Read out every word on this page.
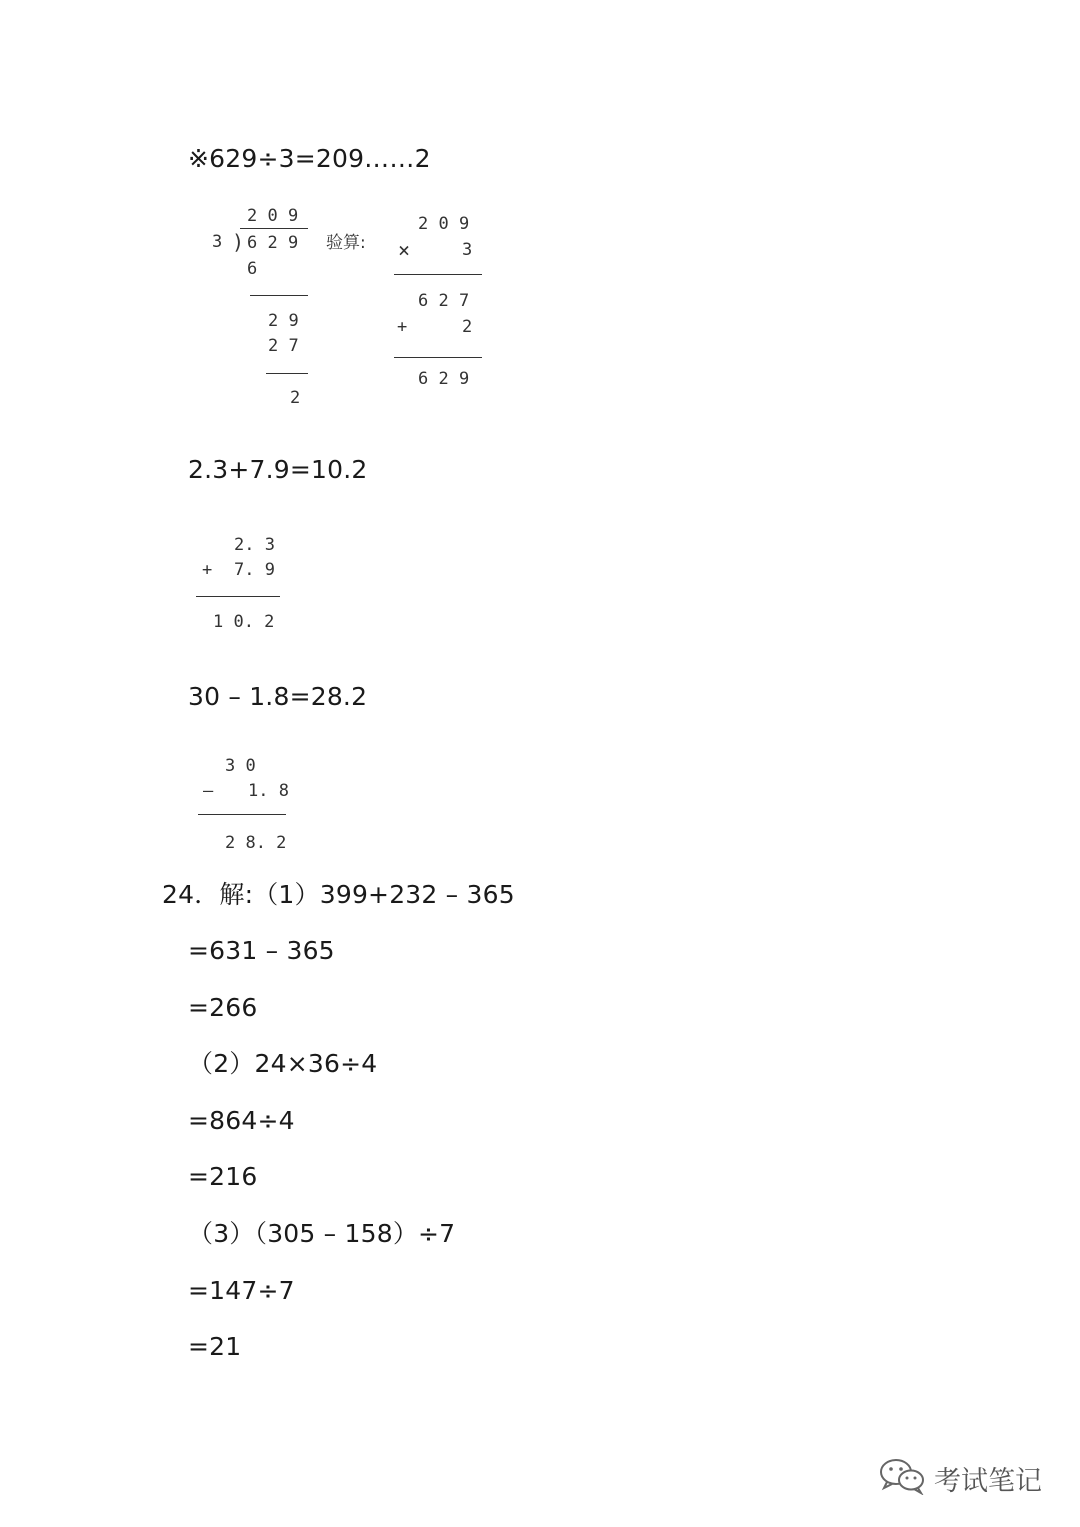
※629÷3=209……2
2 0 9
3 ) 6 2 9
6
2 9
2 7
2
验算:
2 0 9
×	3
6 2 7
+	2
6 2 9
2.3+7.9=10.2
2. 3
+ 7. 9
1 0. 2
30 – 1.8=28.2
3 0
– 1. 8
2 8. 2
24．解:（1）399+232 – 365
=631 – 365
=266
（2）24×36÷4
=864÷4
=216
（3）（305 – 158）÷7
=147÷7
=21
考试笔记
